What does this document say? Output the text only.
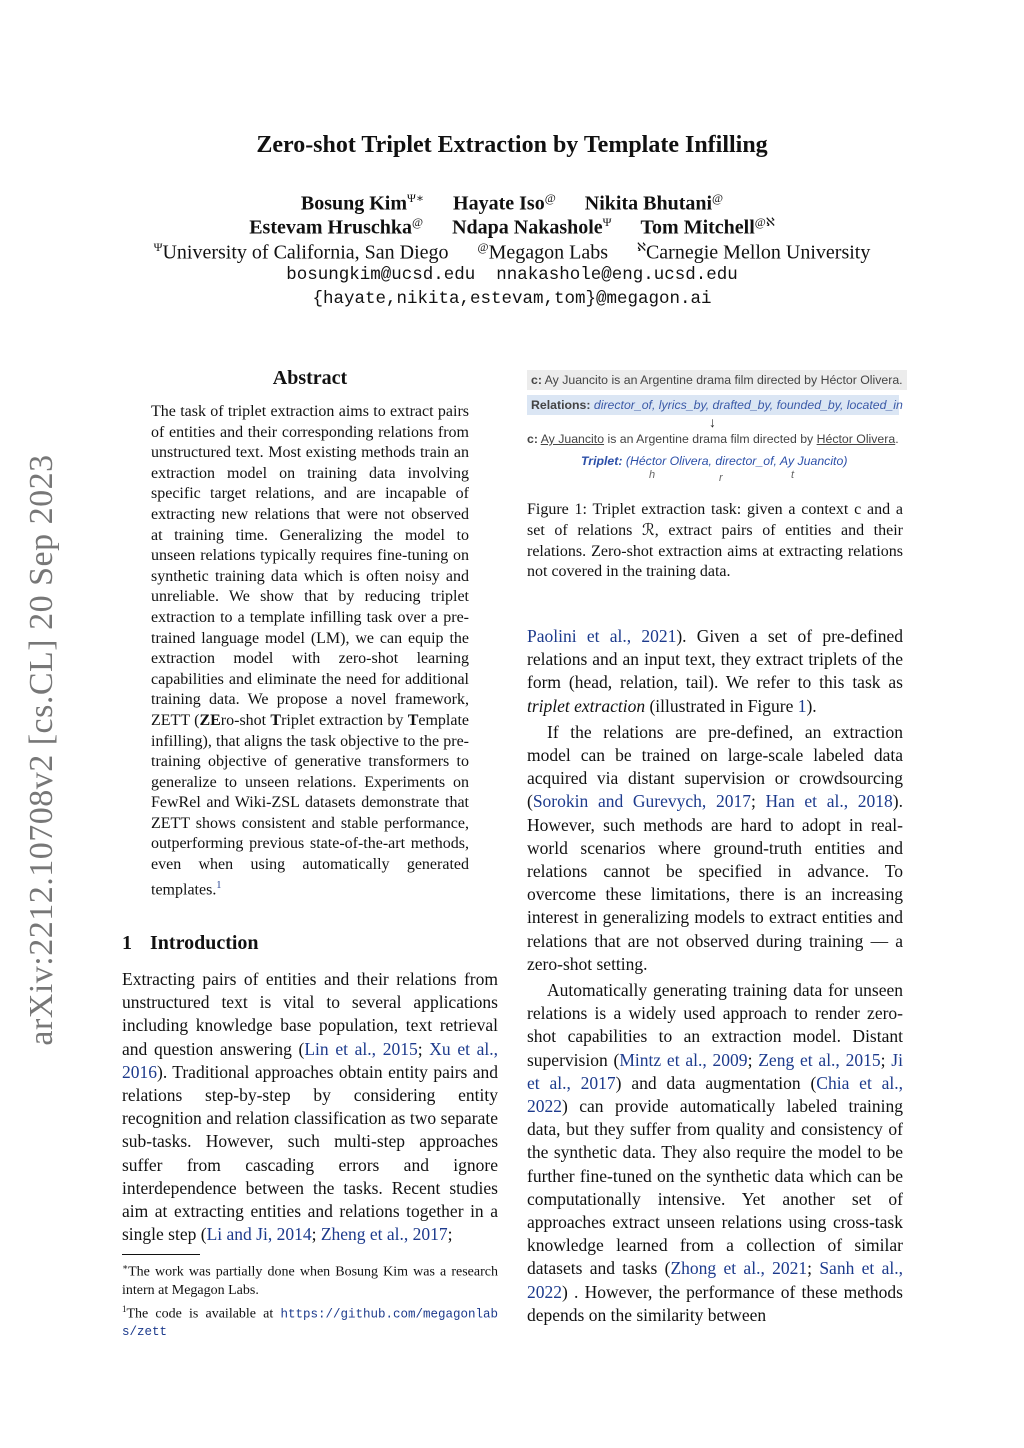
arXiv:2212.10708v2 [cs.CL] 20 Sep 2023
Zero-shot Triplet Extraction by Template Infilling
Bosung Kim$^{\Psi∗}$ Hayate Iso@ Nikita Bhutani@
Estevam Hruschka@ Ndapa Nakashole$^\Psi$ Tom Mitchell$^{@ℵ}$
$^\Psi$University of California, San Diego @Megagon Labs $^ℵ$Carnegie Mellon University
bosungkim@ucsd.edu  nnakashole@eng.ucsd.edu
{hayate,nikita,estevam,tom}@megagon.ai
Abstract
The task of triplet extraction aims to extract pairs of entities and their corresponding relations from unstructured text. Most existing methods train an extraction model on training data involving specific target relations, and are incapable of extracting new relations that were not observed at training time. Generalizing the model to unseen relations typically requires fine-tuning on synthetic training data which is often noisy and unreliable. We show that by reducing triplet extraction to a template infilling task over a pre-trained language model (LM), we can equip the extraction model with zero-shot learning capabilities and eliminate the need for additional training data. We propose a novel framework, ZETT (ZEro-shot Triplet extraction by Template infilling), that aligns the task objective to the pre-training objective of generative transformers to generalize to unseen relations. Experiments on FewRel and Wiki-ZSL datasets demonstrate that ZETT shows consistent and stable performance, outperforming previous state-of-the-art methods, even when using automatically generated templates.$^1$
1 Introduction

Extracting pairs of entities and their relations from unstructured text is vital to several applications including knowledge base population, text retrieval and question answering (Lin et al., 2015; Xu et al., 2016). Traditional approaches obtain entity pairs and relations step-by-step by considering entity recognition and relation classification as two separate sub-tasks. However, such multi-step approaches suffer from cascading errors and ignore interdependence between the tasks. Recent studies aim at extracting entities and relations together in a single step (Li and Ji, 2014; Zheng et al., 2017;

∗The work was partially done when Bosung Kim was a research intern at Megagon Labs.

$^1$The  code  is  available  at  https://github.com/megagonlabs/zett

c: Ay Juancito is an Argentine drama film directed by Héctor Olivera.
Relations: director_of, lyrics_by, drafted_by, founded_by, located_in
↓
c: Ay Juancito is an Argentine drama film directed by Héctor Olivera.
Triplet: (Héctor Olivera, director_of, Ay Juancito)
h	r	t
Figure 1: Triplet extraction task: given a context c and a set of relations ℛ, extract pairs of entities and their relations. Zero-shot extraction aims at extracting relations not covered in the training data.

Paolini et al., 2021). Given a set of pre-defined relations and an input text, they extract triplets of the form (head, relation, tail). We refer to this task as triplet extraction (illustrated in Figure 1).

If the relations are pre-defined, an extraction model can be trained on large-scale labeled data acquired via distant supervision or crowdsourcing (Sorokin and Gurevych, 2017; Han et al., 2018). However, such methods are hard to adopt in real-world scenarios where ground-truth entities and relations cannot be specified in advance. To overcome these limitations, there is an increasing interest in generalizing models to extract entities and relations that are not observed during training — a zero-shot setting.

Automatically generating training data for unseen relations is a widely used approach to render zero-shot capabilities to an extraction model. Distant supervision (Mintz et al., 2009; Zeng et al., 2015; Ji et al., 2017) and data augmentation (Chia et al., 2022) can provide automatically labeled training data, but they suffer from quality and consistency of the synthetic data. They also require the model to be further fine-tuned on the synthetic data which can be computationally intensive. Yet another set of approaches extract unseen relations using cross-task knowledge learned from a collection of similar datasets and tasks (Zhong et al., 2021; Sanh et al., 2022) . However, the performance of these methods depends on the similarity between
